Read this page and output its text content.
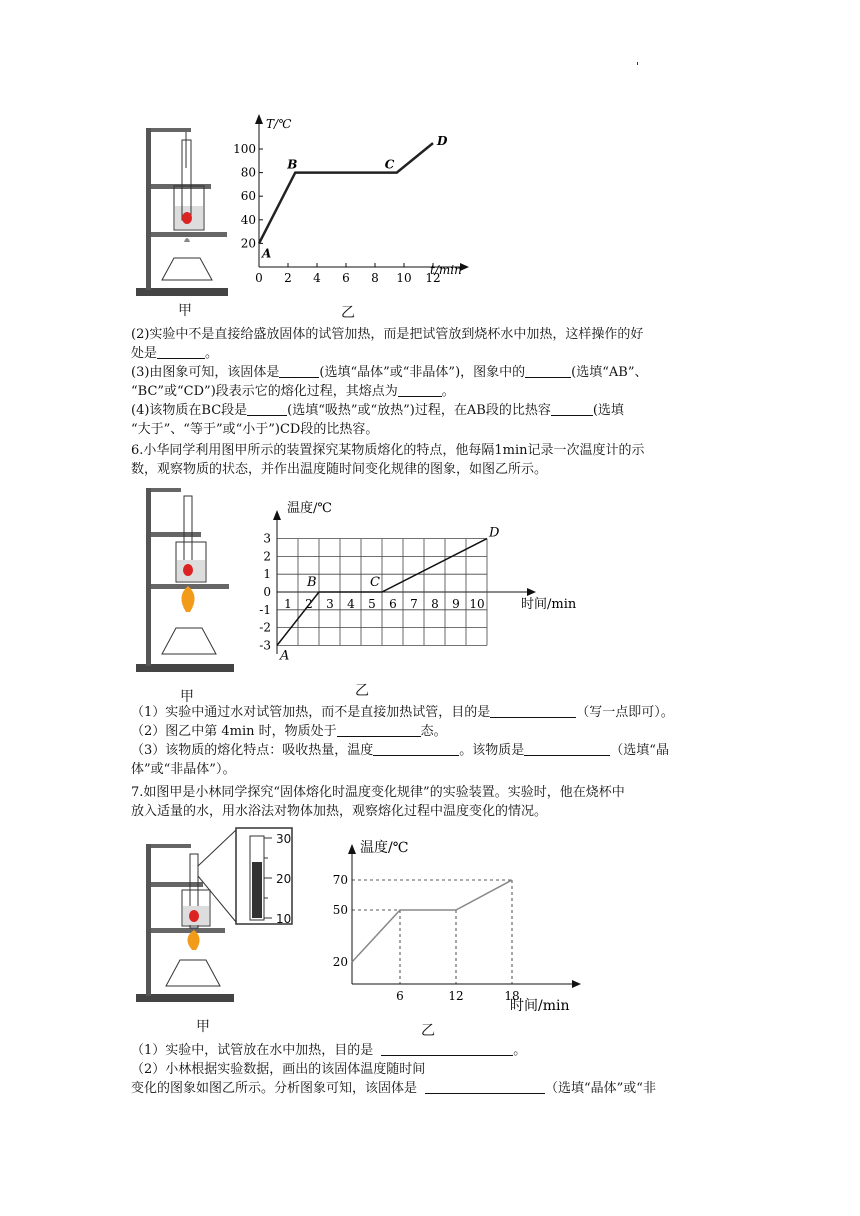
'
甲
0 2 4 6 8 10 12
20
40
60
80
100
T/℃
t/min
A
B	C
D
乙
(2)实验中不是直接给盛放固体的试管加热，而是把试管放到烧杯水中加热，这样操作的好
处是	。
(3)由图象可知，该固体是	(选填“晶体”或“非晶体”)，图象中的	(选填“AB”、
“BC”或“CD”)段表示它的熔化过程，其熔点为	。
(4)该物质在BC段是	(选填“吸热”或“放热”)过程，在AB段的比热容	(选填
“大于”、“等于”或“小于”)CD段的比热容。
6.小华同学利用图甲所示的装置探究某物质熔化的特点，他每隔1min记录一次温度计的示
数，观察物质的状态，并作出温度随时间变化规律的图象，如图乙所示。
甲
1 2 3 4 5 6 7 8 9 10
3
2
1
0
-1
-2
-3
温度/℃
时间/min
A
B	C
D
乙
（1）实验中通过水对试管加热，而不是直接加热试管，目的是	（写一点即可）。
（2）图乙中第 4min 时，物质处于	态。
（3）该物质的熔化特点：吸收热量，温度	。该物质是	（选填“晶
体”或“非晶体”）。
7.如图甲是小林同学探究“固体熔化时温度变化规律”的实验装置。实验时，他在烧杯中
放入适量的水，用水浴法对物体加热，观察熔化过程中温度变化的情况。
30
20
10
甲
6	12	18
20
50
70
温度/℃
时间/min
乙
（1）实验中，试管放在水中加热，目的是	。
（2）小林根据实验数据，画出的该固体温度随时间
变化的图象如图乙所示。分析图象可知，该固体是	（选填“晶体”或“非
